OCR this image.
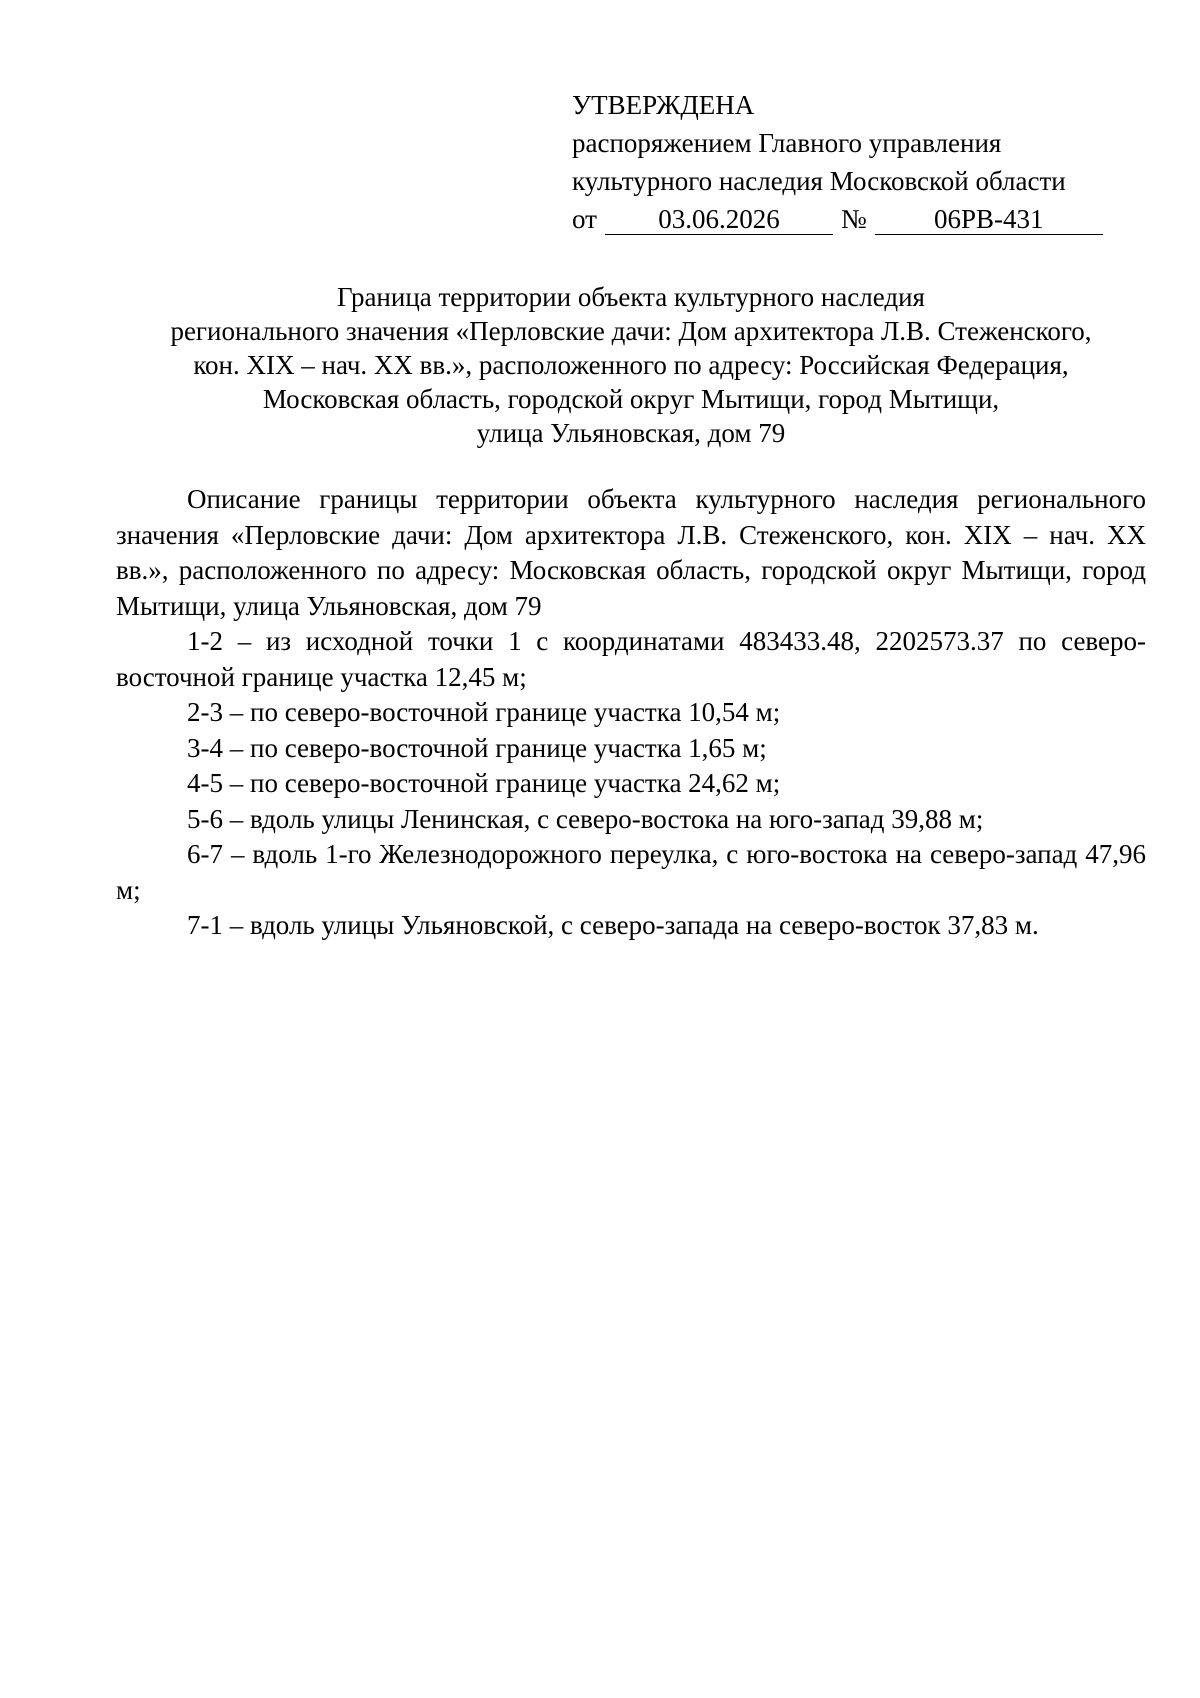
УТВЕРЖДЕНА
распоряжением Главного управления
культурного наследия Московской области
от 03.06.2026 № 06РВ-431
Граница территории объекта культурного наследия
регионального значения «Перловские дачи: Дом архитектора Л.В. Стеженского,
кон. XIX – нач. XX вв.», расположенного по адресу: Российская Федерация,
Московская область, городской округ Мытищи, город Мытищи,
улица Ульяновская, дом 79

Описание границы территории объекта культурного наследия регионального значения «Перловские дачи: Дом архитектора Л.В. Стеженского, кон. XIX – нач. XX вв.», расположенного по адресу: Московская область, городской округ Мытищи, город Мытищи, улица Ульяновская, дом 79

1-2 – из исходной точки 1 с координатами 483433.48, 2202573.37 по северо-восточной границе участка 12,45 м;

2-3 – по северо-восточной границе участка 10,54 м;

3-4 – по северо-восточной границе участка 1,65 м;

4-5 – по северо-восточной границе участка 24,62 м;

5-6 – вдоль улицы Ленинская, с северо-востока на юго-запад 39,88 м;

6-7 – вдоль 1-го Железнодорожного переулка, с юго-востока на северо-запад 47,96 м;

7-1 – вдоль улицы Ульяновской, с северо-запада на северо-восток 37,83 м.
